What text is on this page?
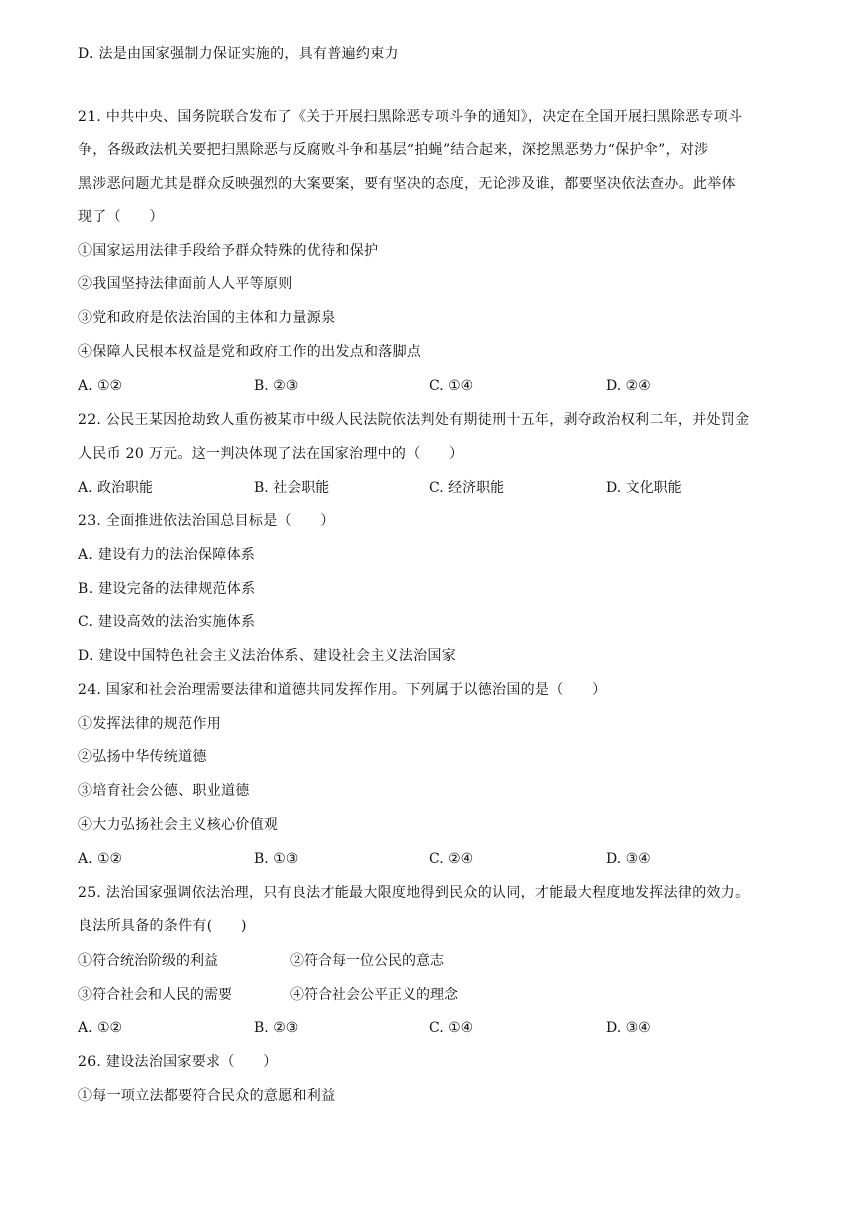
D. 法是由国家强制力保证实施的，具有普遍约束力
21. 中共中央、国务院联合发布了《关于开展扫黑除恶专项斗争的通知》，决定在全国开展扫黑除恶专项斗
争，各级政法机关要把扫黑除恶与反腐败斗争和基层“拍蝇”结合起来，深挖黑恶势力“保护伞”，对涉
黑涉恶问题尤其是群众反映强烈的大案要案，要有坚决的态度，无论涉及谁，都要坚决依法查办。此举体
现了（　　）
①国家运用法律手段给予群众特殊的优待和保护
②我国坚持法律面前人人平等原则
③党和政府是依法治国的主体和力量源泉
④保障人民根本权益是党和政府工作的出发点和落脚点
A. ①②	B. ②③	C. ①④	D. ②④
22. 公民王某因抢劫致人重伤被某市中级人民法院依法判处有期徒刑十五年，剥夺政治权利二年，并处罚金
人民币 20 万元。这一判决体现了法在国家治理中的（　　）
A. 政治职能	B. 社会职能	C. 经济职能	D. 文化职能
23. 全面推进依法治国总目标是（　　）
A. 建设有力的法治保障体系
B. 建设完备的法律规范体系
C. 建设高效的法治实施体系
D. 建设中国特色社会主义法治体系、建设社会主义法治国家
24. 国家和社会治理需要法律和道德共同发挥作用。下列属于以德治国的是（　　）
①发挥法律的规范作用
②弘扬中华传统道德
③培育社会公德、职业道德
④大力弘扬社会主义核心价值观
A. ①②	B. ①③	C. ②④	D. ③④
25. 法治国家强调依法治理，只有良法才能最大限度地得到民众的认同，才能最大程度地发挥法律的效力。
良法所具备的条件有(　　)
①符合统治阶级的利益	②符合每一位公民的意志
③符合社会和人民的需要	④符合社会公平正义的理念
A. ①②	B. ②③	C. ①④	D. ③④
26. 建设法治国家要求（　　）
①每一项立法都要符合民众的意愿和利益
